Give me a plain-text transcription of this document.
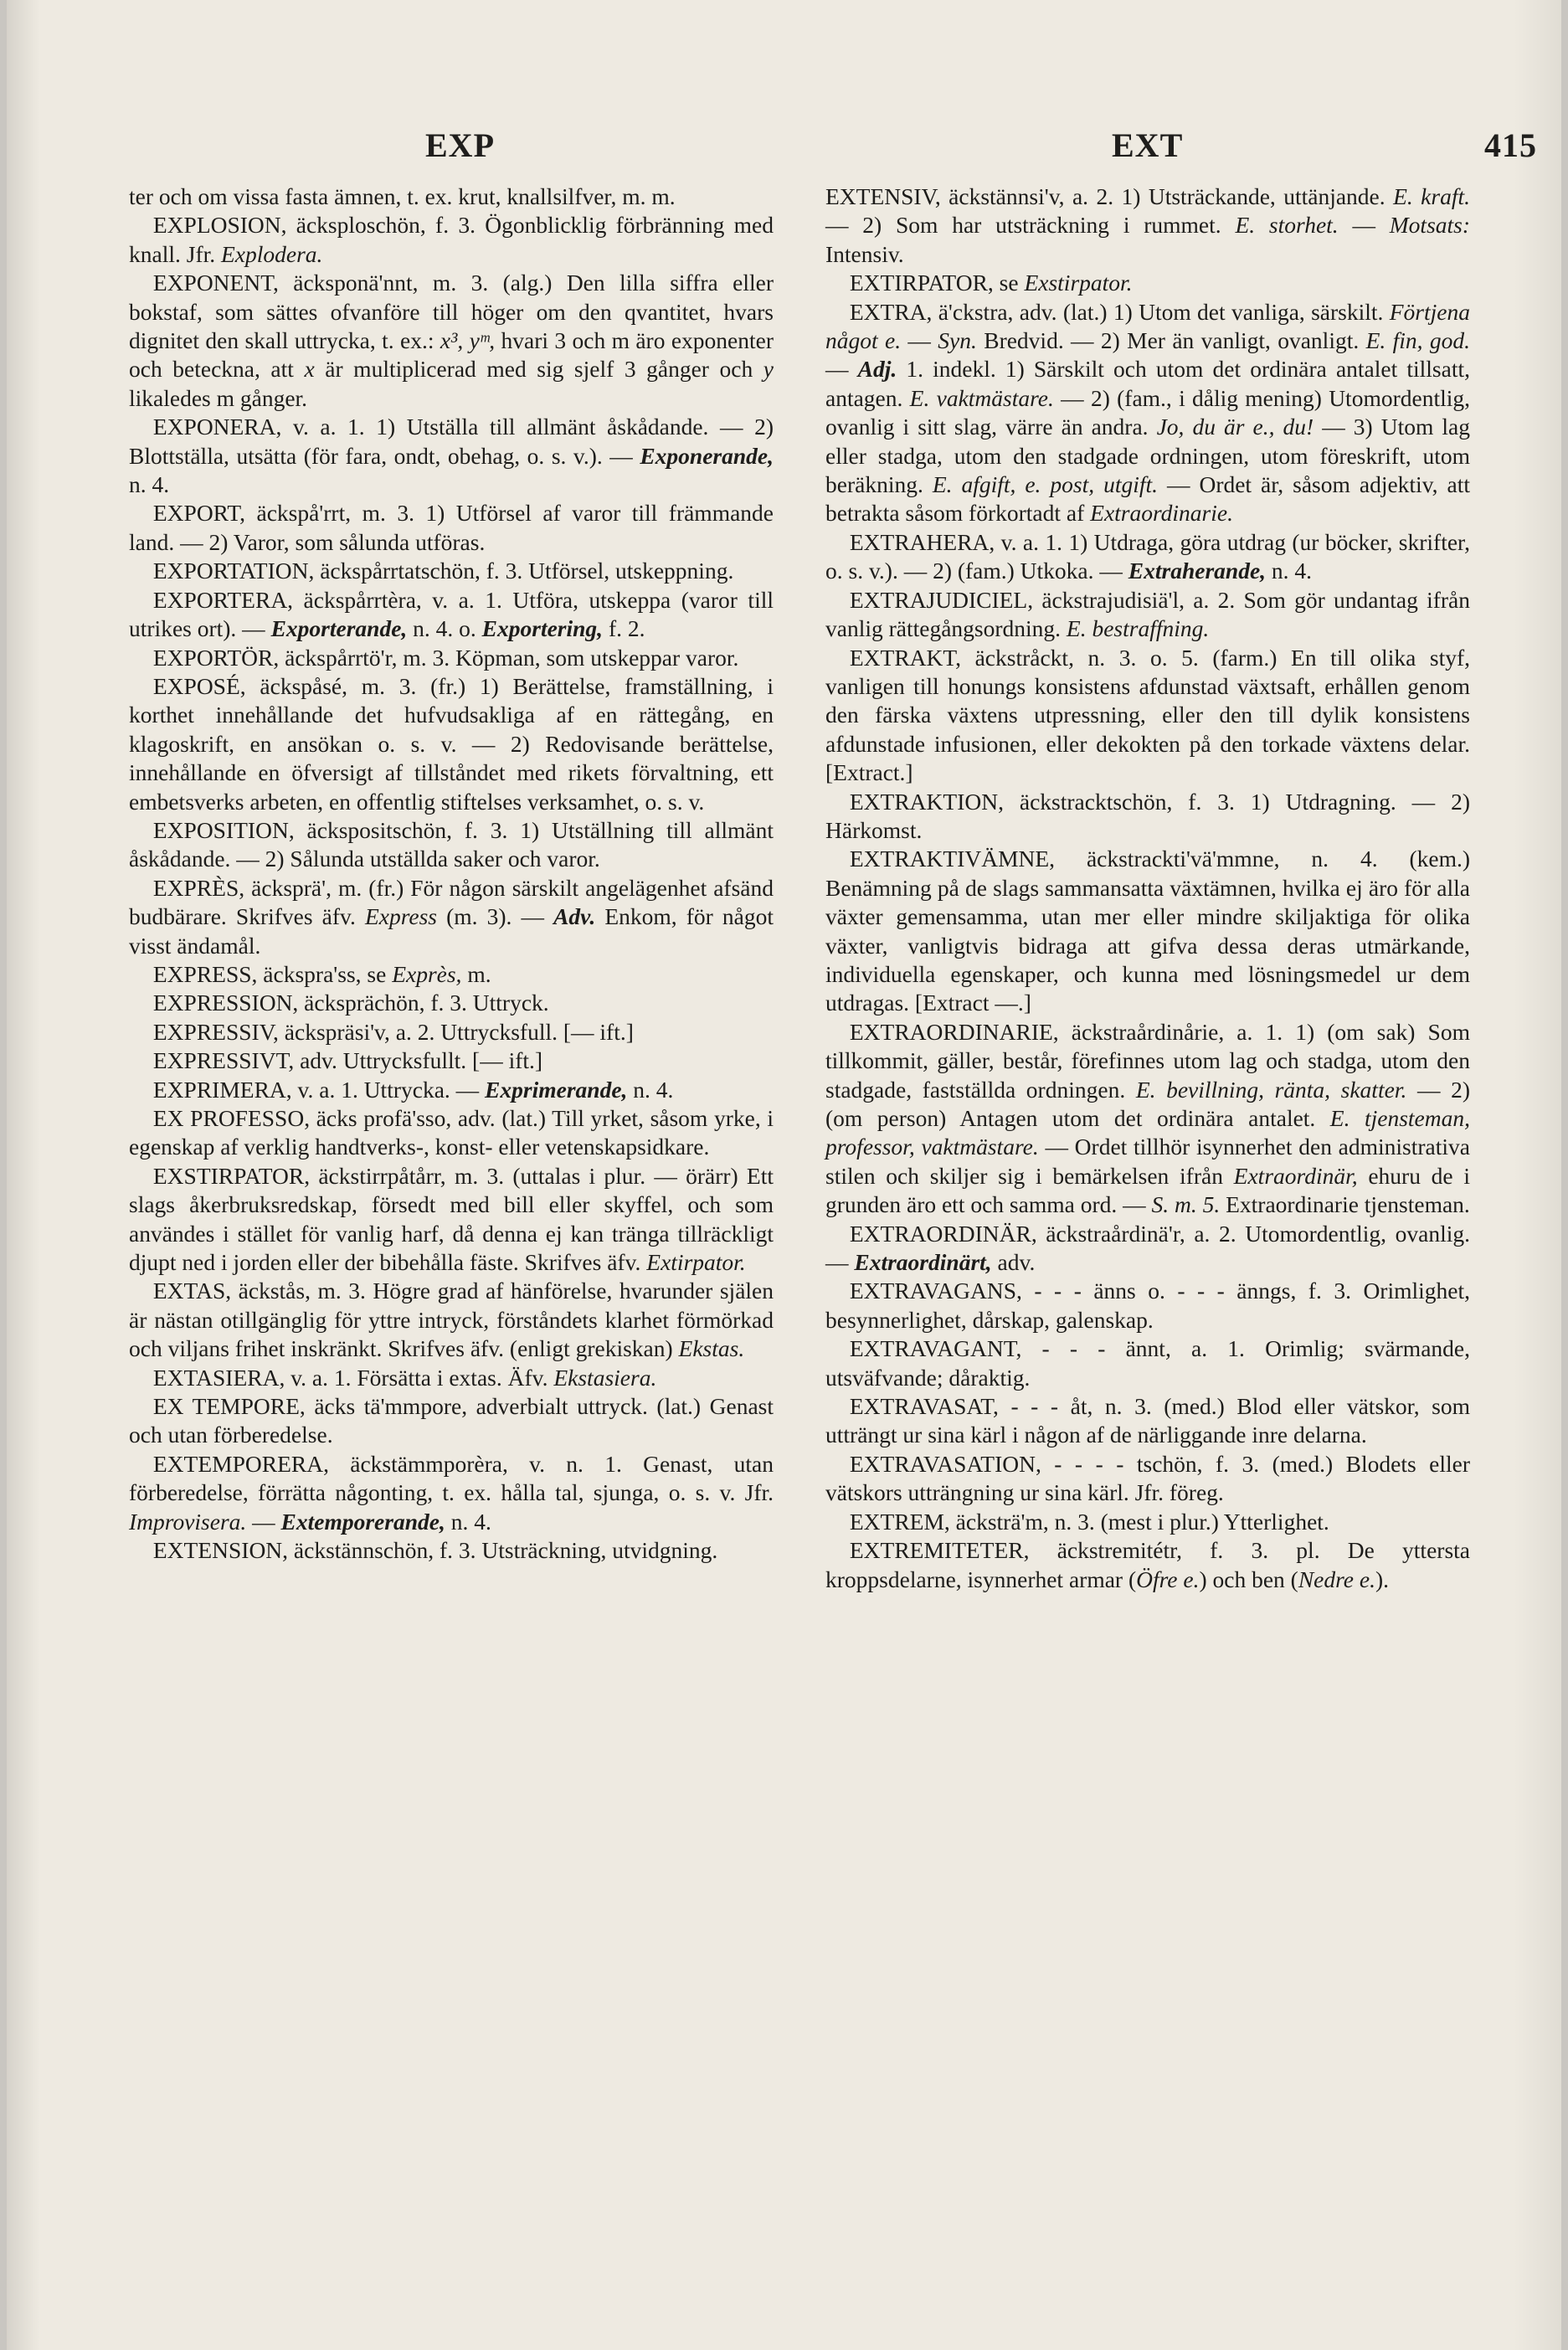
EXP	EXT	415

ter och om vissa fasta ämnen, t. ex. krut, knallsilfver, m. m.

EXPLOSION, äcksploschön, f. 3. Ögonblicklig förbränning med knall. Jfr. Explodera.

EXPONENT, äcksponä'nnt, m. 3. (alg.) Den lilla siffra eller bokstaf, som sättes ofvanföre till höger om den qvantitet, hvars dignitet den skall uttrycka, t. ex.: x³, yᵐ, hvari 3 och m äro exponenter och beteckna, att x är multiplicerad med sig sjelf 3 gånger och y likaledes m gånger.

EXPONERA, v. a. 1. 1) Utställa till allmänt åskådande. — 2) Blottställa, utsätta (för fara, ondt, obehag, o. s. v.). — Exponerande, n. 4.

EXPORT, äckspå'rrt, m. 3. 1) Utförsel af varor till främmande land. — 2) Varor, som sålunda utföras.

EXPORTATION, äckspårrtatschön, f. 3. Utförsel, utskeppning.

EXPORTERA, äckspårrtèra, v. a. 1. Utföra, utskeppa (varor till utrikes ort). — Exporterande, n. 4. o. Exportering, f. 2.

EXPORTÖR, äckspårrtö'r, m. 3. Köpman, som utskeppar varor.

EXPOSÉ, äckspåsé, m. 3. (fr.) 1) Berättelse, framställning, i korthet innehållande det hufvudsakliga af en rättegång, en klagoskrift, en ansökan o. s. v. — 2) Redovisande berättelse, innehållande en öfversigt af tillståndet med rikets förvaltning, ett embetsverks arbeten, en offentlig stiftelses verksamhet, o. s. v.

EXPOSITION, äckspositschön, f. 3. 1) Utställning till allmänt åskådande. — 2) Sålunda utställda saker och varor.

EXPRÈS, äcksprä', m. (fr.) För någon särskilt angelägenhet afsänd budbärare. Skrifves äfv. Express (m. 3). — Adv. Enkom, för något visst ändamål.

EXPRESS, äckspra'ss, se Exprès, m.

EXPRESSION, äcksprächön, f. 3. Uttryck.

EXPRESSIV, äckspräsi'v, a. 2. Uttrycksfull. [— ift.]

EXPRESSIVT, adv. Uttrycksfullt. [— ift.]

EXPRIMERA, v. a. 1. Uttrycka. — Exprimerande, n. 4.

EX PROFESSO, äcks profä'sso, adv. (lat.) Till yrket, såsom yrke, i egenskap af verklig handtverks-, konst- eller vetenskapsidkare.

EXSTIRPATOR, äckstirrpåtårr, m. 3. (uttalas i plur. — örärr) Ett slags åkerbruksredskap, försedt med bill eller skyffel, och som användes i stället för vanlig harf, då denna ej kan tränga tillräckligt djupt ned i jorden eller der bibehålla fäste. Skrifves äfv. Extirpator.

EXTAS, äckstås, m. 3. Högre grad af hänförelse, hvarunder själen är nästan otillgänglig för yttre intryck, förståndets klarhet förmörkad och viljans frihet inskränkt. Skrifves äfv. (enligt grekiskan) Ekstas.

EXTASIERA, v. a. 1. Försätta i extas. Äfv. Ekstasiera.

EX TEMPORE, äcks tä'mmpore, adverbialt uttryck. (lat.) Genast och utan förberedelse.

EXTEMPORERA, äckstämmporèra, v. n. 1. Genast, utan förberedelse, förrätta någonting, t. ex. hålla tal, sjunga, o. s. v. Jfr. Improvisera. — Extemporerande, n. 4.

EXTENSION, äckstännschön, f. 3. Utsträckning, utvidgning.

EXTENSIV, äckstännsi'v, a. 2. 1) Utsträckande, uttänjande. E. kraft. — 2) Som har utsträckning i rummet. E. storhet. — Motsats: Intensiv.

EXTIRPATOR, se Exstirpator.

EXTRA, ä'ckstra, adv. (lat.) 1) Utom det vanliga, särskilt. Förtjena något e. — Syn. Bredvid. — 2) Mer än vanligt, ovanligt. E. fin, god. — Adj. 1. indekl. 1) Särskilt och utom det ordinära antalet tillsatt, antagen. E. vaktmästare. — 2) (fam., i dålig mening) Utomordentlig, ovanlig i sitt slag, värre än andra. Jo, du är e., du! — 3) Utom lag eller stadga, utom den stadgade ordningen, utom föreskrift, utom beräkning. E. afgift, e. post, utgift. — Ordet är, såsom adjektiv, att betrakta såsom förkortadt af Extraordinarie.

EXTRAHERA, v. a. 1. 1) Utdraga, göra utdrag (ur böcker, skrifter, o. s. v.). — 2) (fam.) Utkoka. — Extraherande, n. 4.

EXTRAJUDICIEL, äckstrajudisiä'l, a. 2. Som gör undantag ifrån vanlig rättegångsordning. E. bestraffning.

EXTRAKT, äckstråckt, n. 3. o. 5. (farm.) En till olika styf, vanligen till honungs konsistens afdunstad växtsaft, erhållen genom den färska växtens utpressning, eller den till dylik konsistens afdunstade infusionen, eller dekokten på den torkade växtens delar. [Extract.]

EXTRAKTION, äckstracktschön, f. 3. 1) Utdragning. — 2) Härkomst.

EXTRAKTIVÄMNE, äckstrackti'vä'mmne, n. 4. (kem.) Benämning på de slags sammansatta växtämnen, hvilka ej äro för alla växter gemensamma, utan mer eller mindre skiljaktiga för olika växter, vanligtvis bidraga att gifva dessa deras utmärkande, individuella egenskaper, och kunna med lösningsmedel ur dem utdragas. [Extract —.]

EXTRAORDINARIE, äckstraårdinårie, a. 1. 1) (om sak) Som tillkommit, gäller, består, förefinnes utom lag och stadga, utom den stadgade, fastställda ordningen. E. bevillning, ränta, skatter. — 2) (om person) Antagen utom det ordinära antalet. E. tjensteman, professor, vaktmästare. — Ordet tillhör isynnerhet den administrativa stilen och skiljer sig i bemärkelsen ifrån Extraordinär, ehuru de i grunden äro ett och samma ord. — S. m. 5. Extraordinarie tjensteman.

EXTRAORDINÄR, äckstraårdinä'r, a. 2. Utomordentlig, ovanlig. — Extraordinärt, adv.

EXTRAVAGANS, - - - änns o. - - - änngs, f. 3. Orimlighet, besynnerlighet, dårskap, galenskap.

EXTRAVAGANT, - - - ännt, a. 1. Orimlig; svärmande, utsväfvande; dåraktig.

EXTRAVASAT, - - - åt, n. 3. (med.) Blod eller vätskor, som utträngt ur sina kärl i någon af de närliggande inre delarna.

EXTRAVASATION, - - - - tschön, f. 3. (med.) Blodets eller vätskors utträngning ur sina kärl. Jfr. föreg.

EXTREM, äcksträ'm, n. 3. (mest i plur.) Ytterlighet.

EXTREMITETER, äckstremitétr, f. 3. pl. De yttersta kroppsdelarne, isynnerhet armar (Öfre e.) och ben (Nedre e.).
